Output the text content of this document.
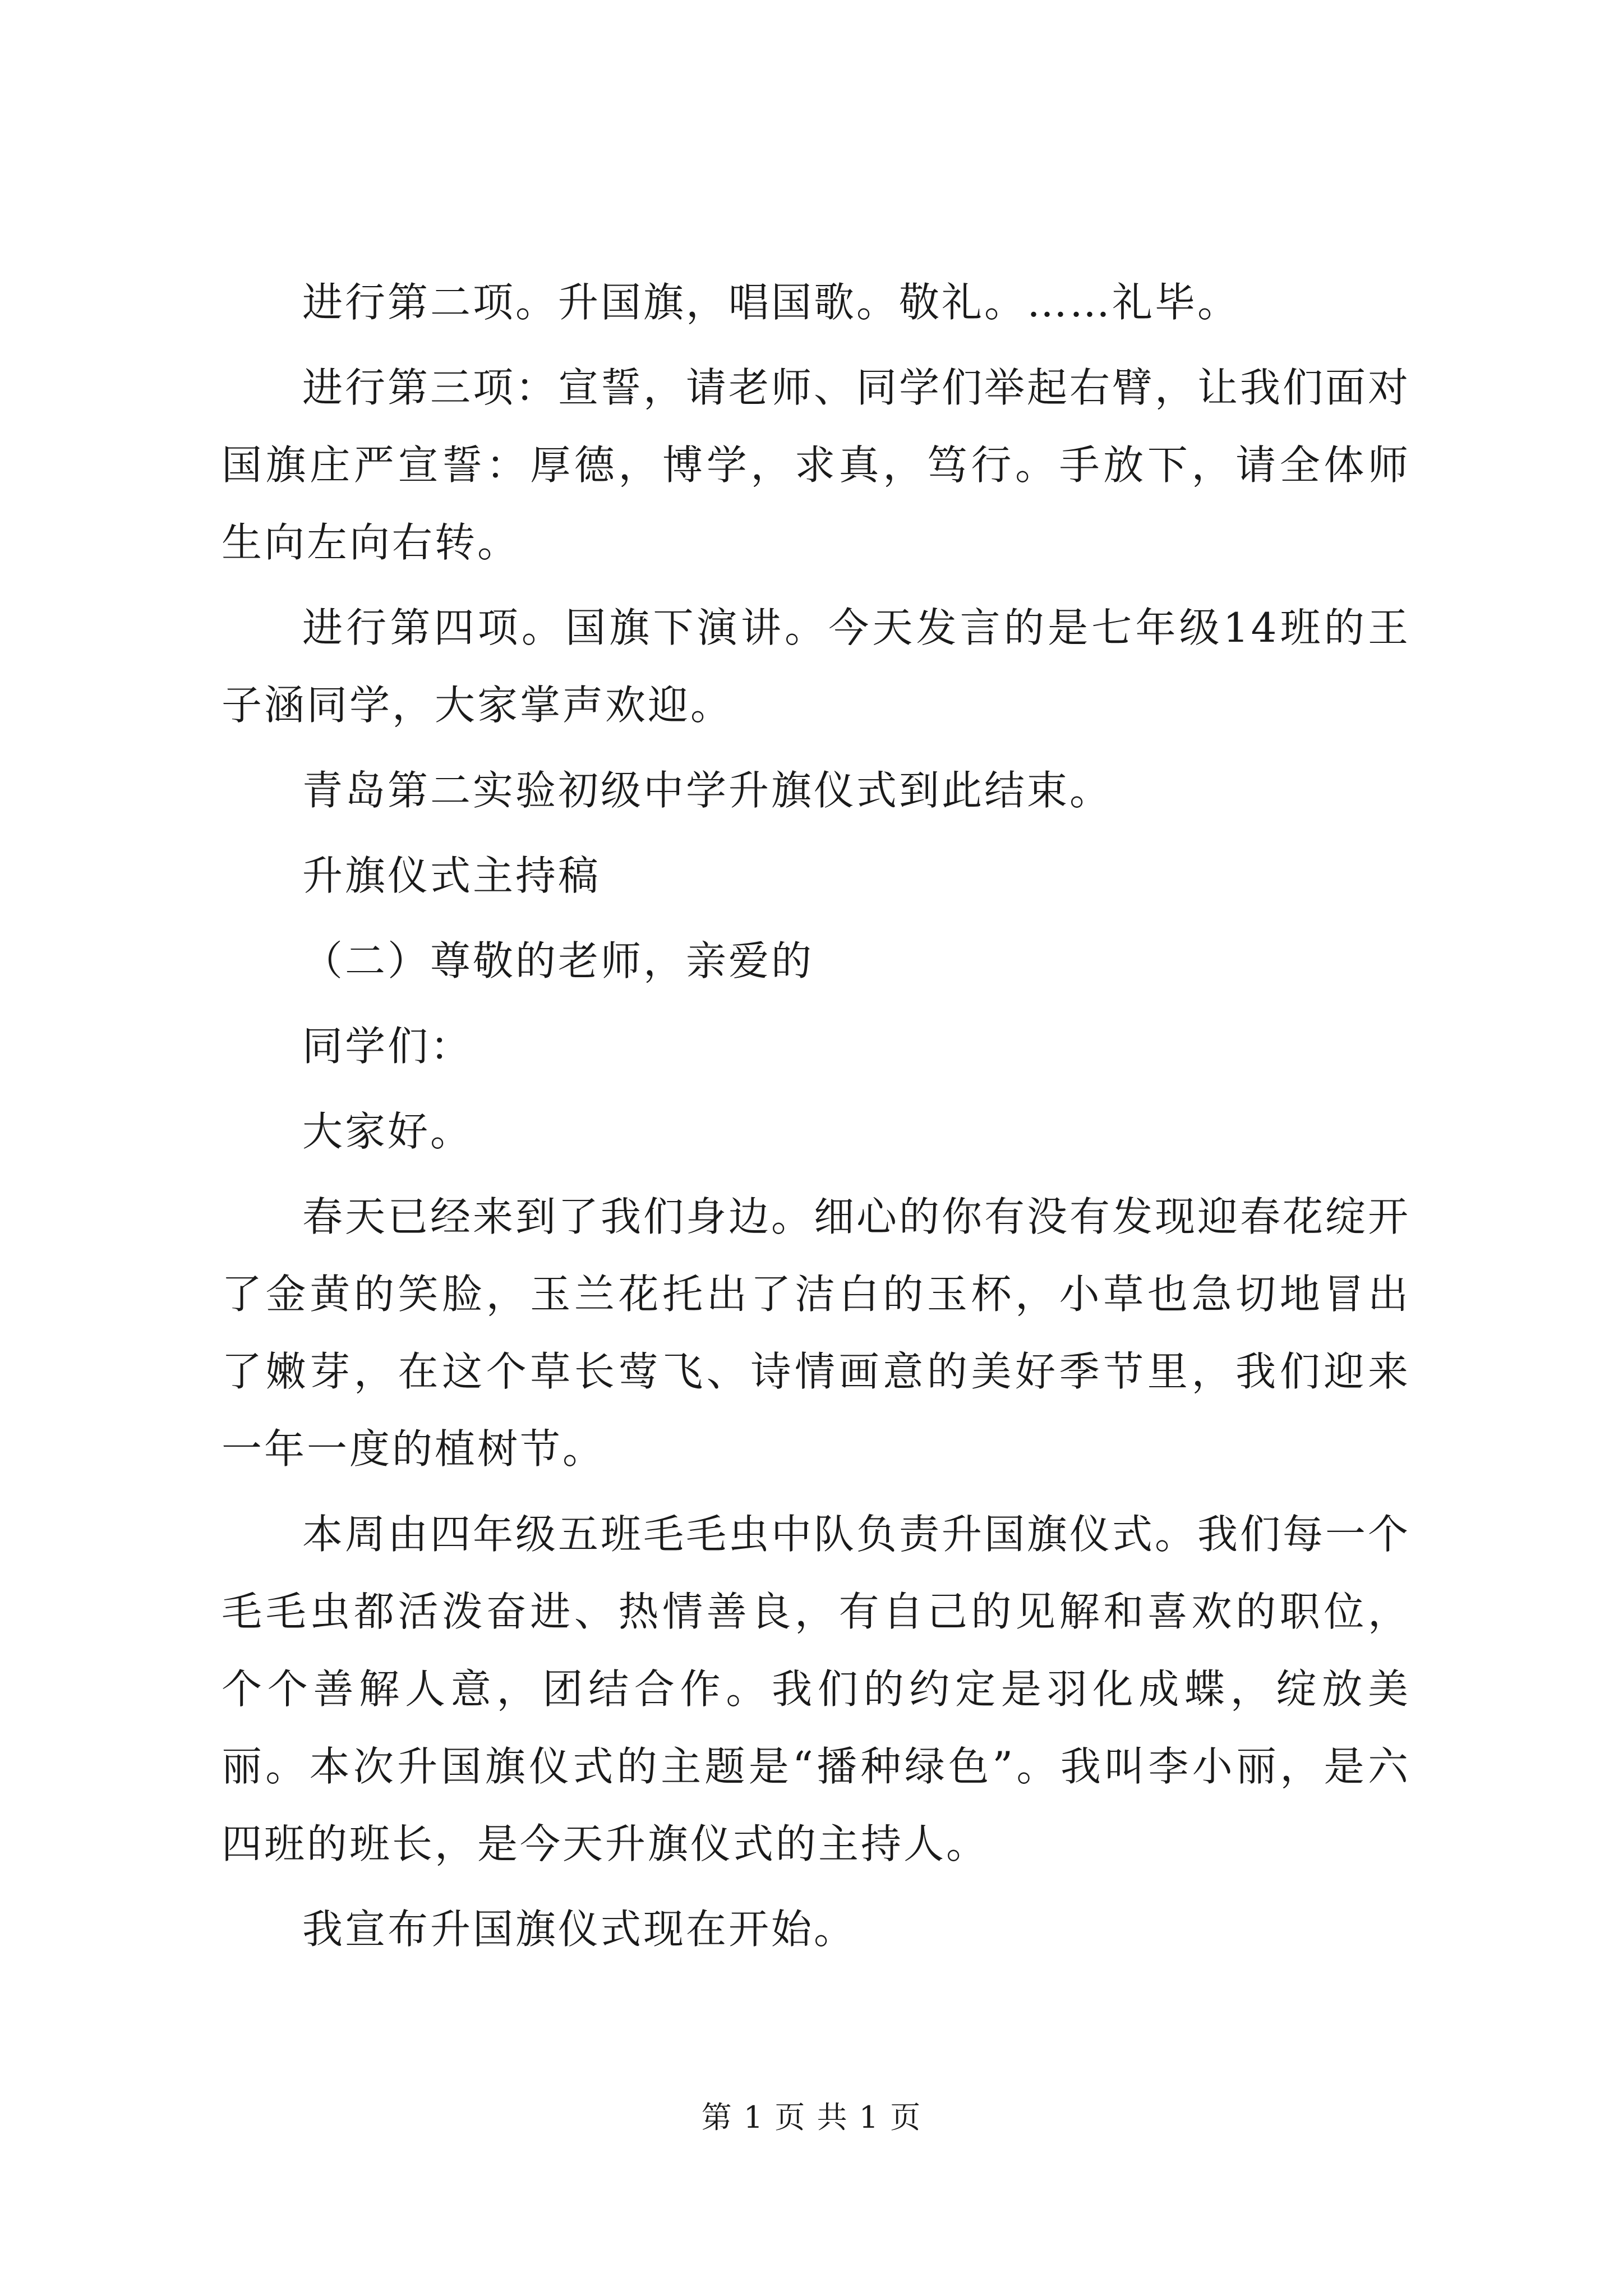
进行第二项。升国旗，唱国歌。敬礼。……礼毕。

进行第三项：宣誓，请老师、同学们举起右臂，让我们面对国旗庄严宣誓：厚德，博学，求真，笃行。手放下，请全体师生向左向右转。

进行第四项。国旗下演讲。今天发言的是七年级14班的王子涵同学，大家掌声欢迎。

青岛第二实验初级中学升旗仪式到此结束。

升旗仪式主持稿

（二）尊敬的老师，亲爱的

同学们：

大家好。

春天已经来到了我们身边。细心的你有没有发现迎春花绽开了金黄的笑脸，玉兰花托出了洁白的玉杯，小草也急切地冒出了嫩芽，在这个草长莺飞、诗情画意的美好季节里，我们迎来一年一度的植树节。

本周由四年级五班毛毛虫中队负责升国旗仪式。我们每一个毛毛虫都活泼奋进、热情善良，有自己的见解和喜欢的职位，个个善解人意，团结合作。我们的约定是羽化成蝶，绽放美丽。本次升国旗仪式的主题是“播种绿色”。我叫李小丽，是六四班的班长，是今天升旗仪式的主持人。

我宣布升国旗仪式现在开始。

第 1 页 共 1 页
